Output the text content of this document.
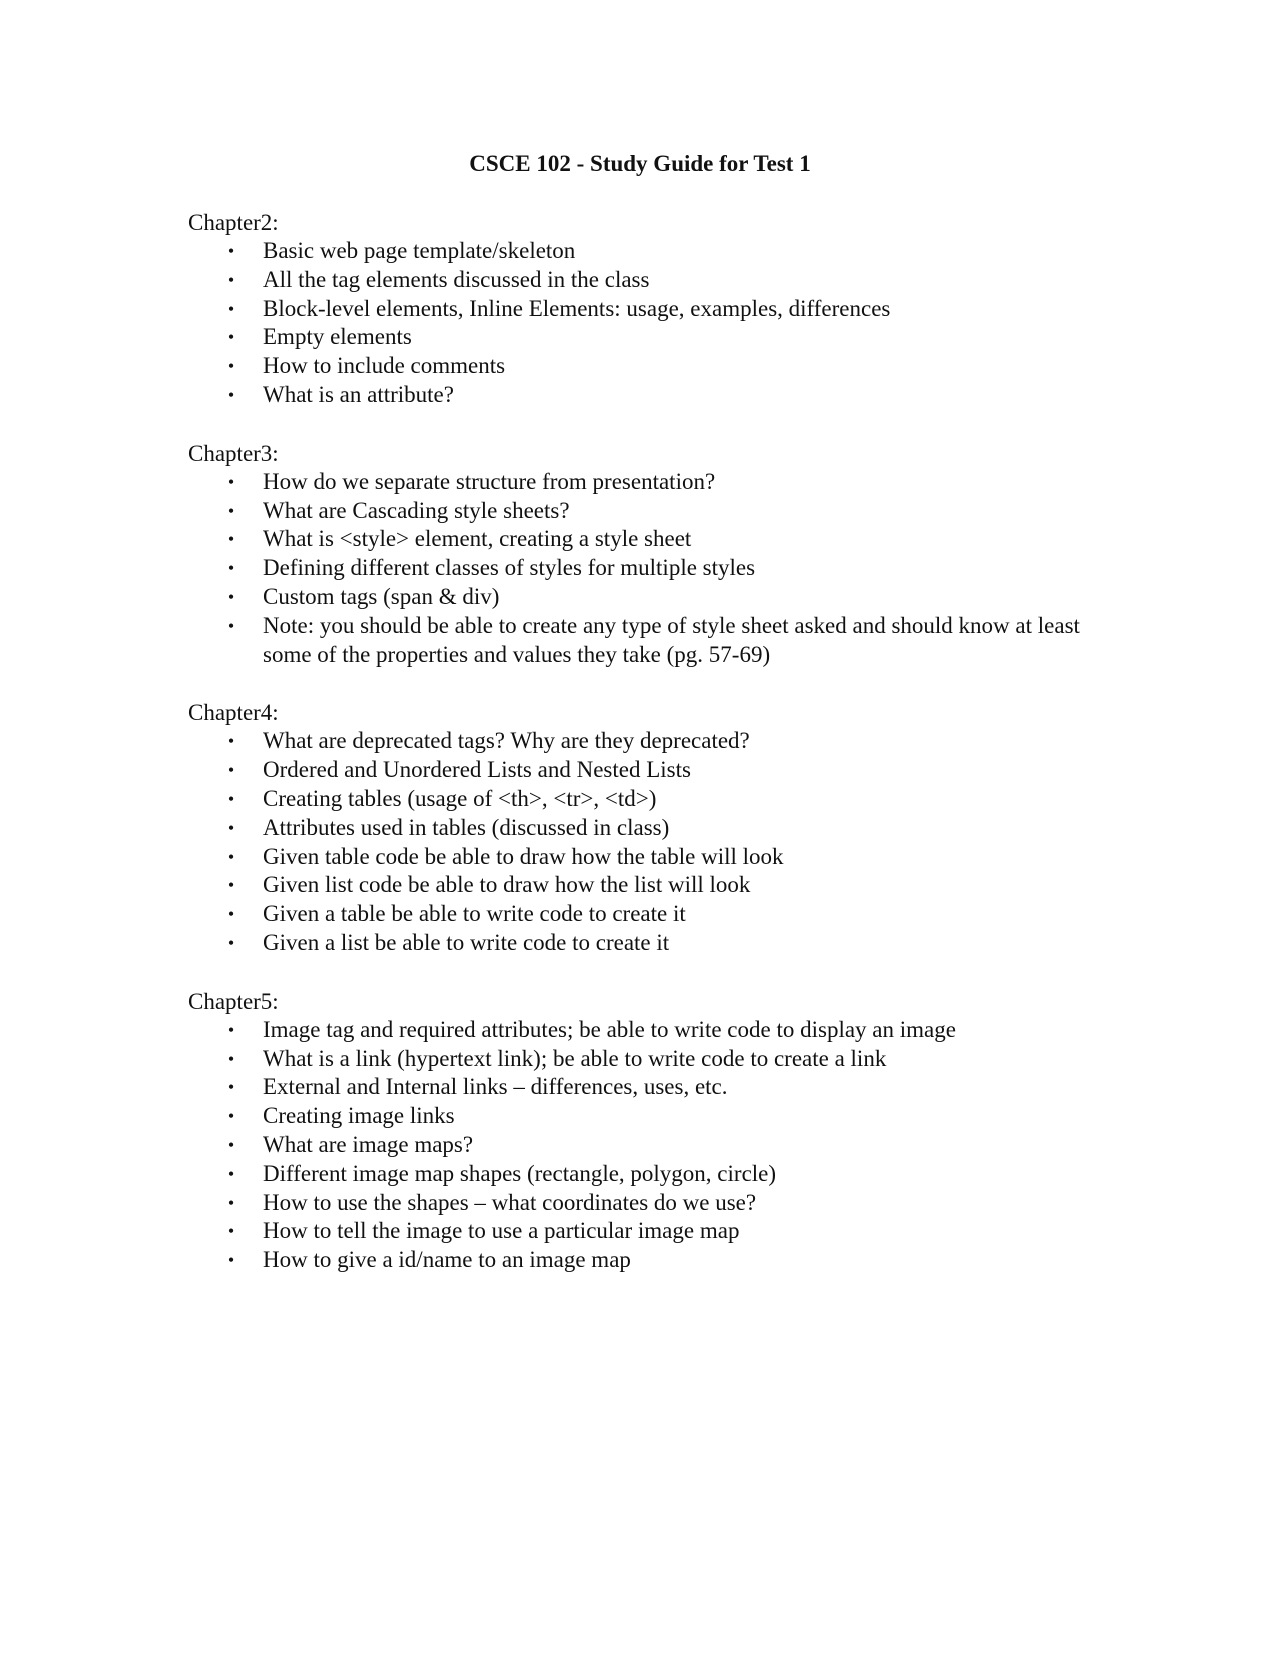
CSCE 102 - Study Guide for Test 1

Chapter2:

• Basic web page template/skeleton
• All the tag elements discussed in the class
• Block-level elements, Inline Elements: usage, examples, differences
• Empty elements
• How to include comments
• What is an attribute?

Chapter3:

• How do we separate structure from presentation?
• What are Cascading style sheets?
• What is <style> element, creating a style sheet
• Defining different classes of styles for multiple styles
• Custom tags (span & div)
• Note: you should be able to create any type of style sheet asked and should know at least some of the properties and values they take (pg. 57-69)

Chapter4:

• What are deprecated tags? Why are they deprecated?
• Ordered and Unordered Lists and Nested Lists
• Creating tables (usage of <th>, <tr>, <td>)
• Attributes used in tables (discussed in class)
• Given table code be able to draw how the table will look
• Given list code be able to draw how the list will look
• Given a table be able to write code to create it
• Given a list be able to write code to create it

Chapter5:

• Image tag and required attributes; be able to write code to display an image
• What is a link (hypertext link); be able to write code to create a link
• External and Internal links – differences, uses, etc.
• Creating image links
• What are image maps?
• Different image map shapes (rectangle, polygon, circle)
• How to use the shapes – what coordinates do we use?
• How to tell the image to use a particular image map
• How to give a id/name to an image map
